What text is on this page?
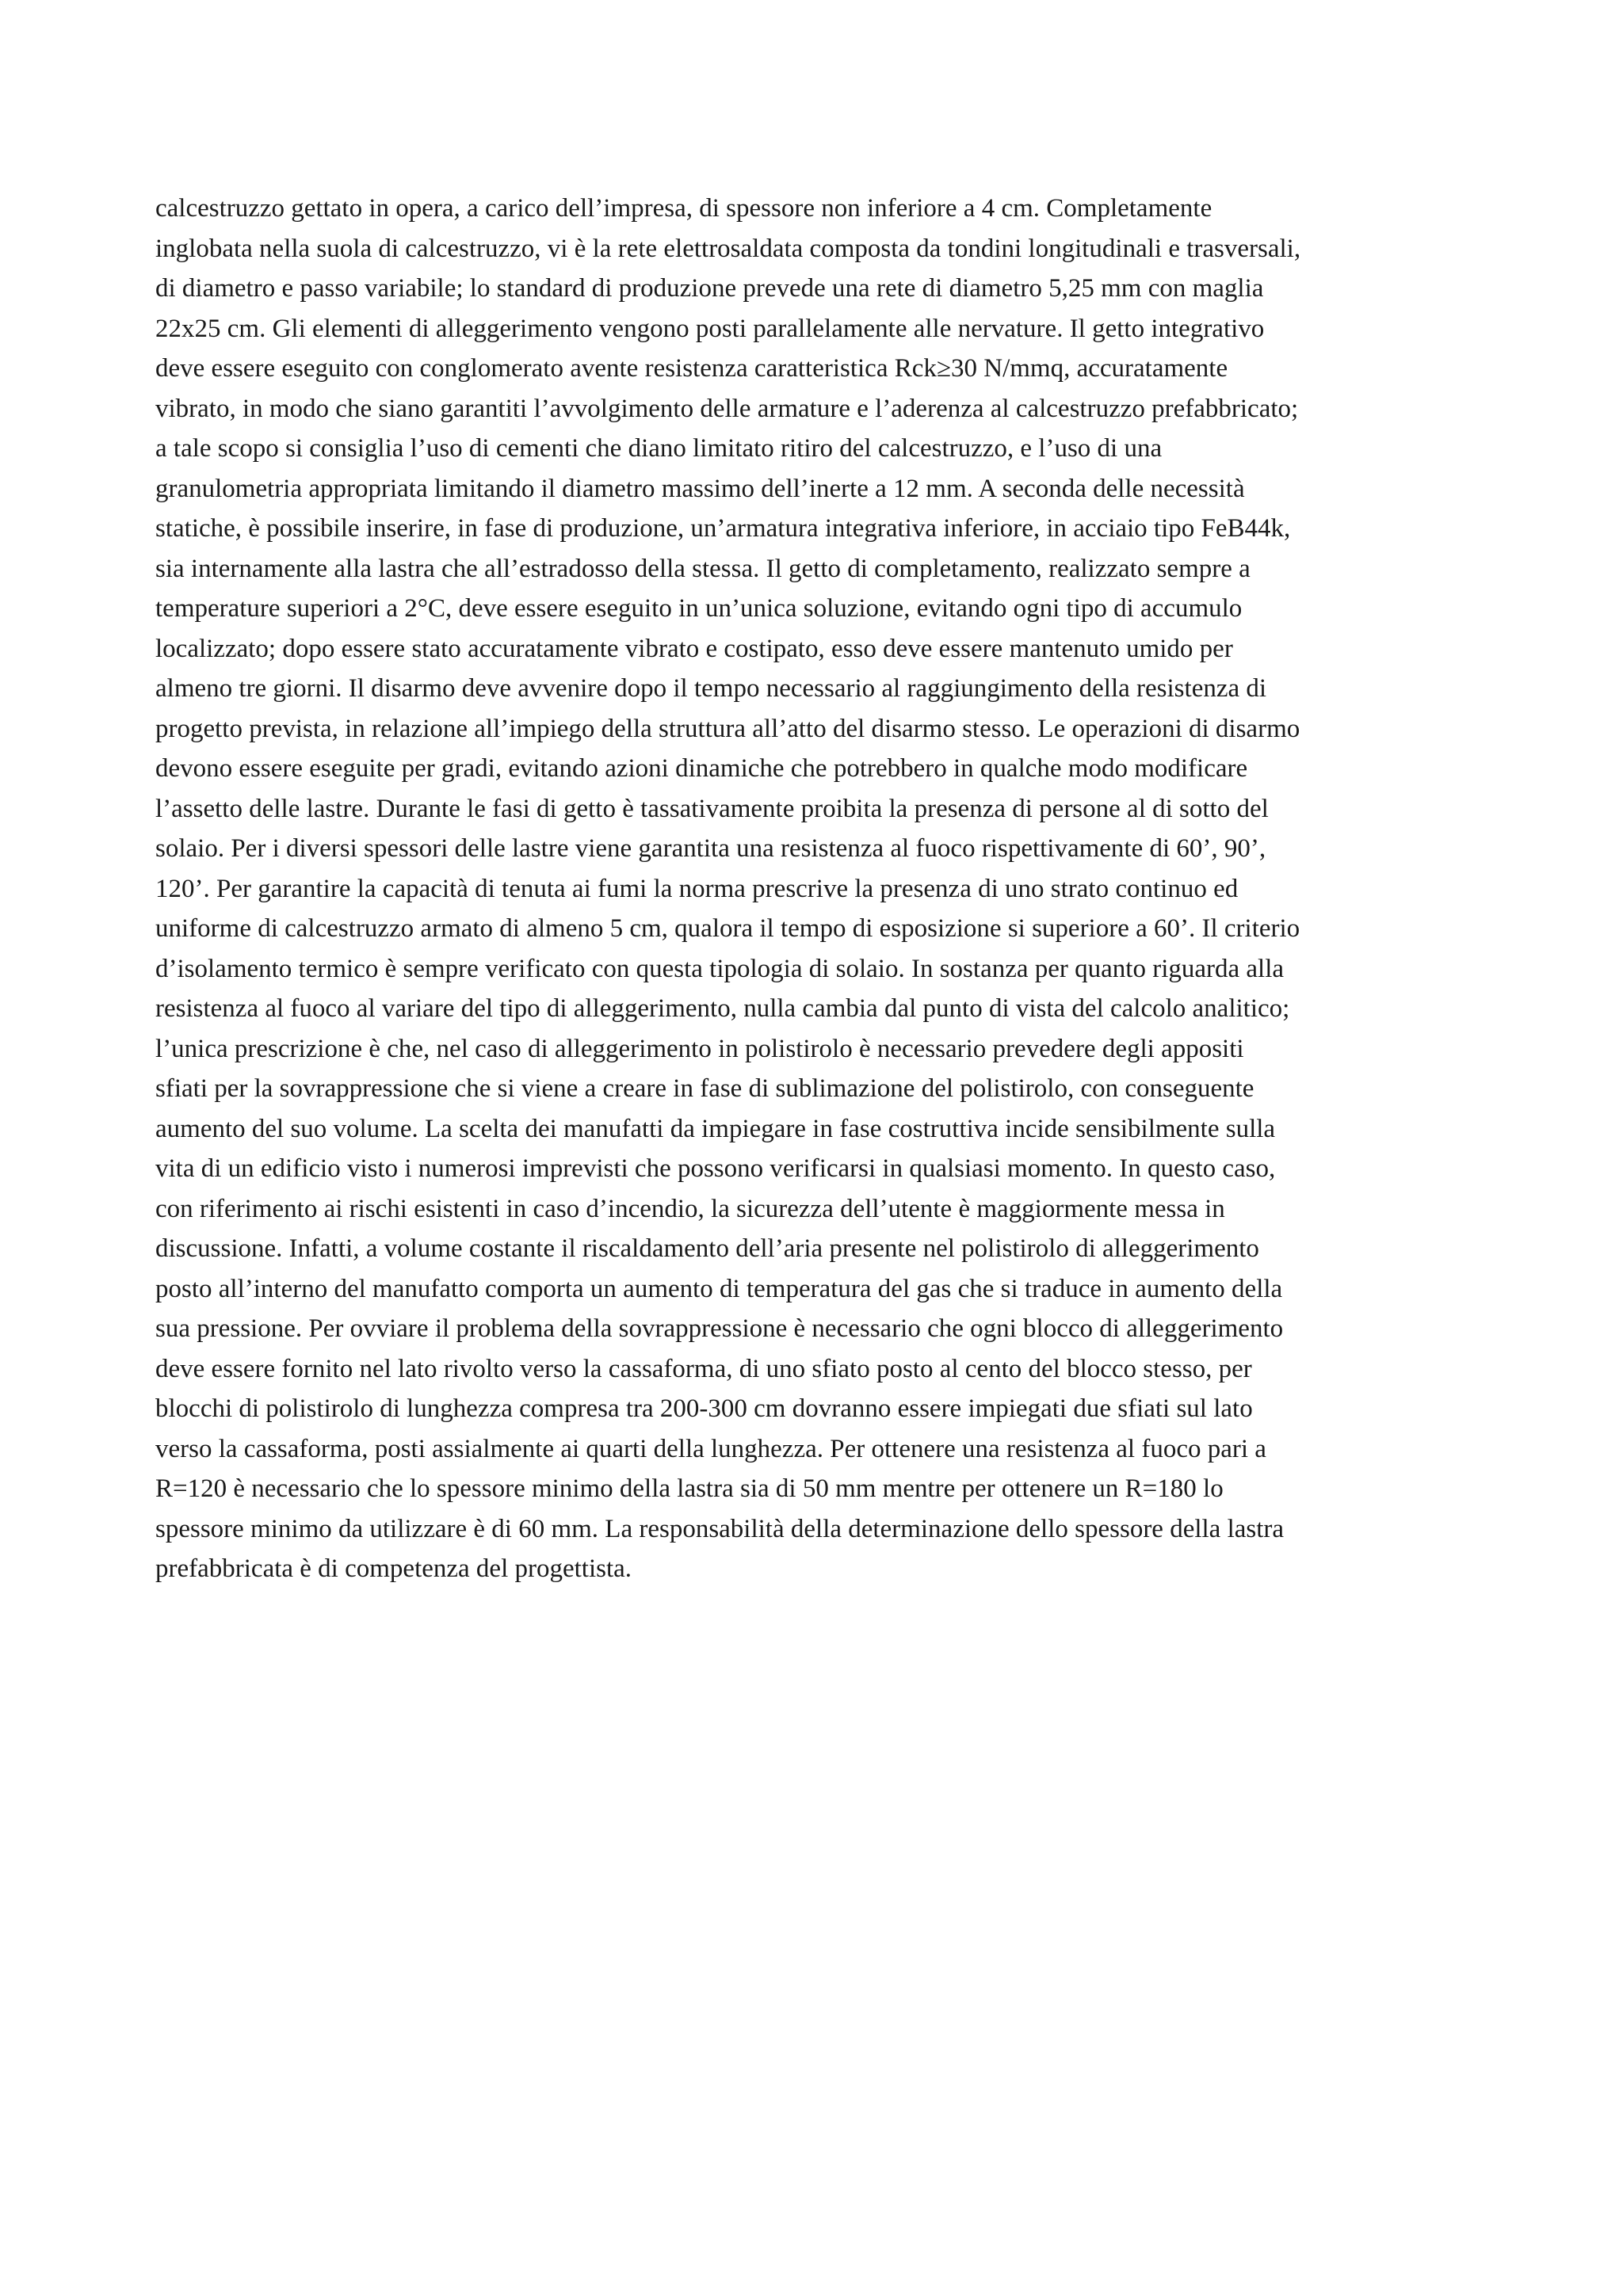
calcestruzzo gettato in opera, a carico dell’impresa, di spessore non inferiore a 4 cm. Completamente
inglobata nella suola di calcestruzzo, vi è la rete elettrosaldata composta da tondini longitudinali e trasversali,
di diametro e passo variabile; lo standard di produzione prevede una rete di diametro 5,25 mm con maglia
22x25 cm. Gli elementi di alleggerimento vengono posti parallelamente alle nervature. Il getto integrativo
deve essere eseguito con conglomerato avente resistenza caratteristica Rck≥30 N/mmq, accuratamente
vibrato, in modo che siano garantiti l’avvolgimento delle armature e l’aderenza al calcestruzzo prefabbricato;
a tale scopo si consiglia l’uso di cementi che diano limitato ritiro del calcestruzzo, e l’uso di una
granulometria appropriata limitando il diametro massimo dell’inerte a 12 mm. A seconda delle necessità
statiche, è possibile inserire, in fase di produzione, un’armatura integrativa inferiore, in acciaio tipo FeB44k,
sia internamente alla lastra che all’estradosso della stessa. Il getto di completamento, realizzato sempre a
temperature superiori a 2°C, deve essere eseguito in un’unica soluzione, evitando ogni tipo di accumulo
localizzato; dopo essere stato accuratamente vibrato e costipato, esso deve essere mantenuto umido per
almeno tre giorni. Il disarmo deve avvenire dopo il tempo necessario al raggiungimento della resistenza di
progetto prevista, in relazione all’impiego della struttura all’atto del disarmo stesso. Le operazioni di disarmo
devono essere eseguite per gradi, evitando azioni dinamiche che potrebbero in qualche modo modificare
l’assetto delle lastre. Durante le fasi di getto è tassativamente proibita la presenza di persone al di sotto del
solaio. Per i diversi spessori delle lastre viene garantita una resistenza al fuoco rispettivamente di 60’, 90’,
120’. Per garantire la capacità di tenuta ai fumi la norma prescrive la presenza di uno strato continuo ed
uniforme di calcestruzzo armato di almeno 5 cm, qualora il tempo di esposizione si superiore a 60’. Il criterio
d’isolamento termico è sempre verificato con questa tipologia di solaio. In sostanza per quanto riguarda alla
resistenza al fuoco al variare del tipo di alleggerimento, nulla cambia dal punto di vista del calcolo analitico;
l’unica prescrizione è che, nel caso di alleggerimento in polistirolo è necessario prevedere degli appositi
sfiati per la sovrappressione che si viene a creare in fase di sublimazione del polistirolo, con conseguente
aumento del suo volume. La scelta dei manufatti da impiegare in fase costruttiva incide sensibilmente sulla
vita di un edificio visto i numerosi imprevisti che possono verificarsi in qualsiasi momento. In questo caso,
con riferimento ai rischi esistenti in caso d’incendio, la sicurezza dell’utente è maggiormente messa in
discussione. Infatti, a volume costante il riscaldamento dell’aria presente nel polistirolo di alleggerimento
posto all’interno del manufatto comporta un aumento di temperatura del gas che si traduce in aumento della
sua pressione. Per ovviare il problema della sovrappressione è necessario che ogni blocco di alleggerimento
deve essere fornito nel lato rivolto verso la cassaforma, di uno sfiato posto al cento del blocco stesso, per
blocchi di polistirolo di lunghezza compresa tra 200-300 cm dovranno essere impiegati due sfiati sul lato
verso la cassaforma, posti assialmente ai quarti della lunghezza. Per ottenere una resistenza al fuoco pari a
R=120 è necessario che lo spessore minimo della lastra sia di 50 mm mentre per ottenere un R=180 lo
spessore minimo da utilizzare è di 60 mm. La responsabilità della determinazione dello spessore della lastra
prefabbricata è di competenza del progettista.
